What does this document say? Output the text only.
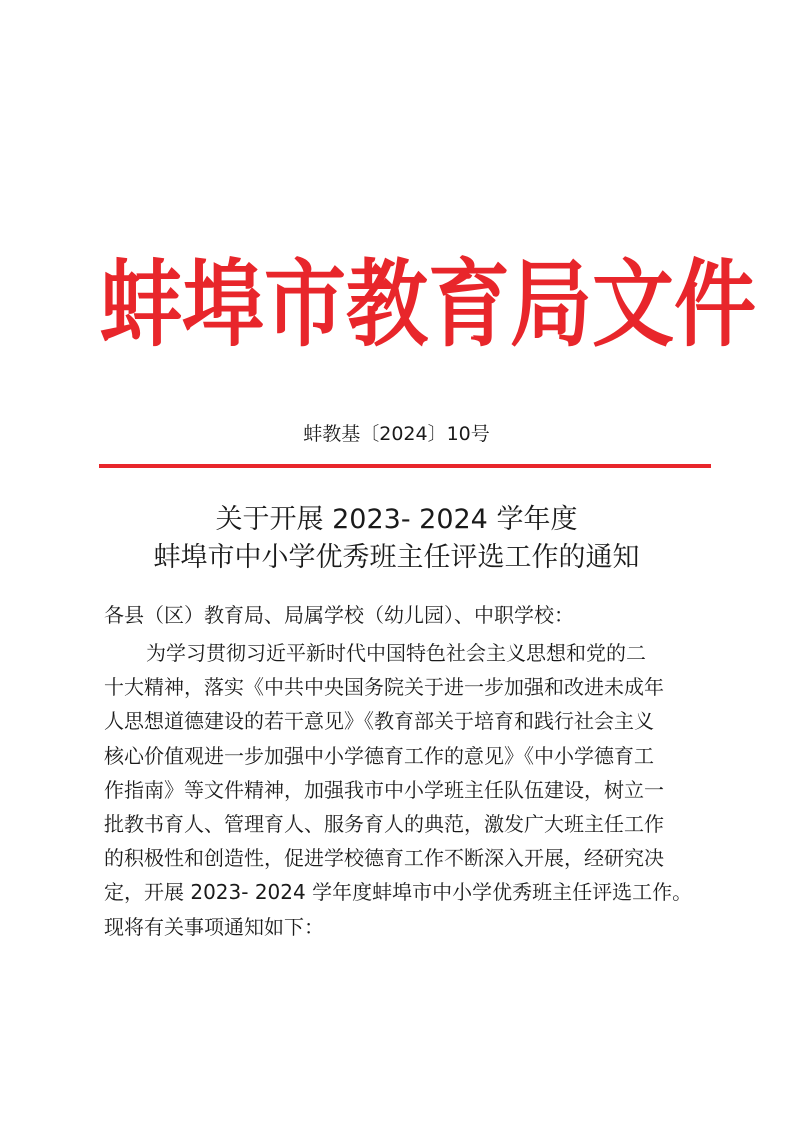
蚌埠市教育局文件
蚌教基〔2024〕10号
关于开展 2023- 2024 学年度
蚌埠市中小学优秀班主任评选工作的通知
各县（区）教育局、局属学校（幼儿园）、中职学校：
为学习贯彻习近平新时代中国特色社会主义思想和党的二
十大精神，落实《中共中央国务院关于进一步加强和改进未成年
人思想道德建设的若干意见》《教育部关于培育和践行社会主义
核心价值观进一步加强中小学德育工作的意见》《中小学德育工
作指南》等文件精神，加强我市中小学班主任队伍建设，树立一
批教书育人、管理育人、服务育人的典范，激发广大班主任工作
的积极性和创造性，促进学校德育工作不断深入开展，经研究决
定，开展 2023- 2024 学年度蚌埠市中小学优秀班主任评选工作。
现将有关事项通知如下：
